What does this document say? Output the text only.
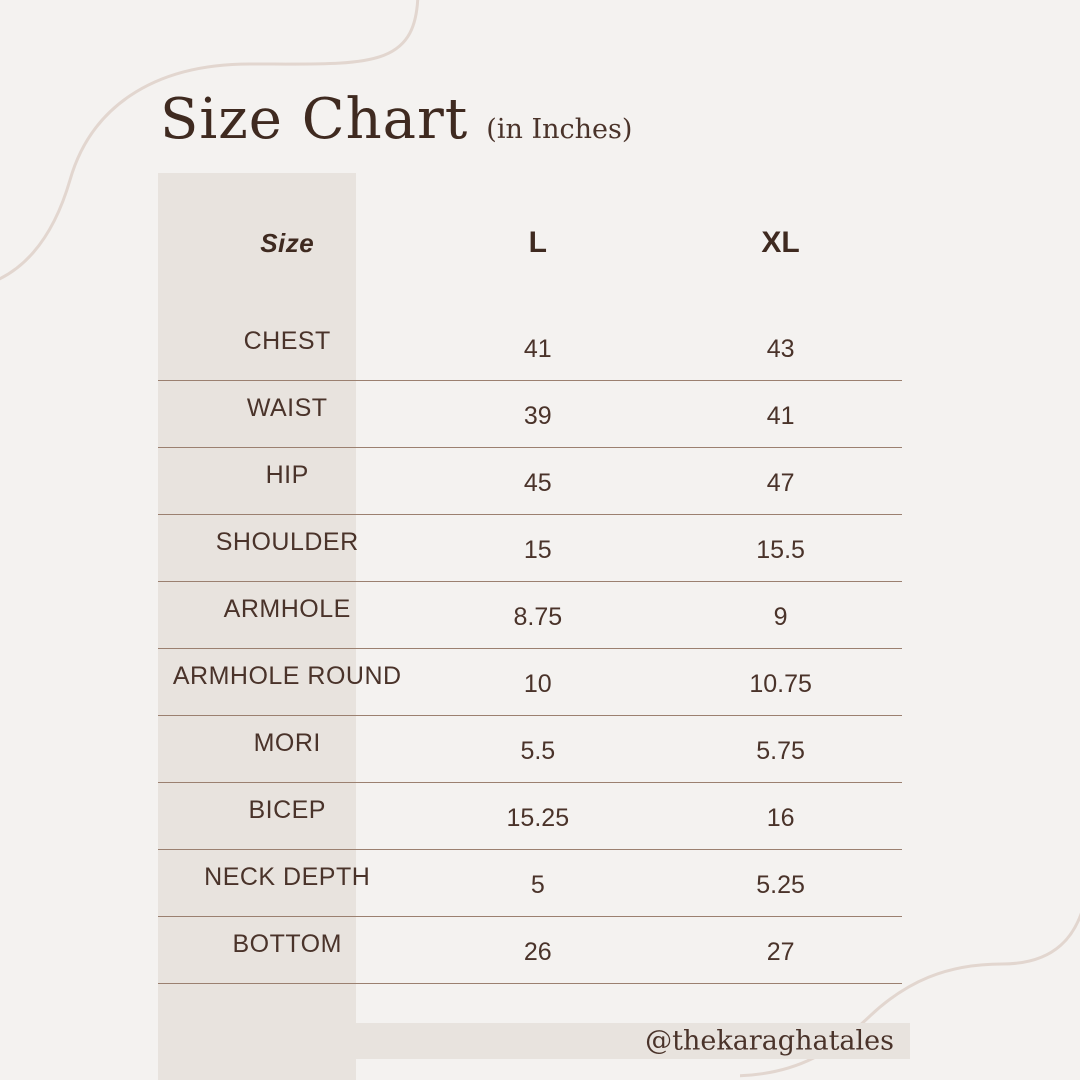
Size Chart (in Inches)
Size	L	XL

CHEST	41	43

WAIST	39	41

HIP	45	47

SHOULDER	15	15.5

ARMHOLE	8.75	9

ARMHOLE ROUND	10	10.75

MORI	5.5	5.75

BICEP	15.25	16

NECK DEPTH	5	5.25

BOTTOM	26	27
@thekaraghatales
